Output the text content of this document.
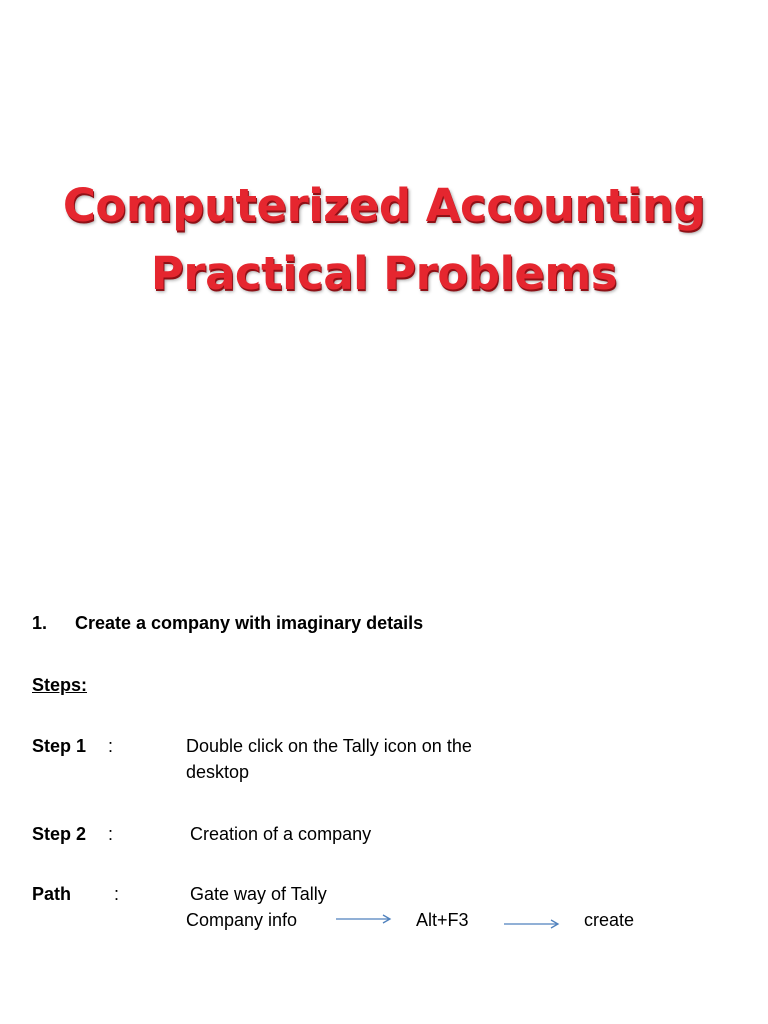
Computerized Accounting
Practical Problems
1. Create a company with imaginary details
Steps:
Step 1 :	Double click on the Tally icon on the
desktop
Step 2 :	Creation of a company
Path :	Gate way of Tally
Company info	Alt+F3	create
